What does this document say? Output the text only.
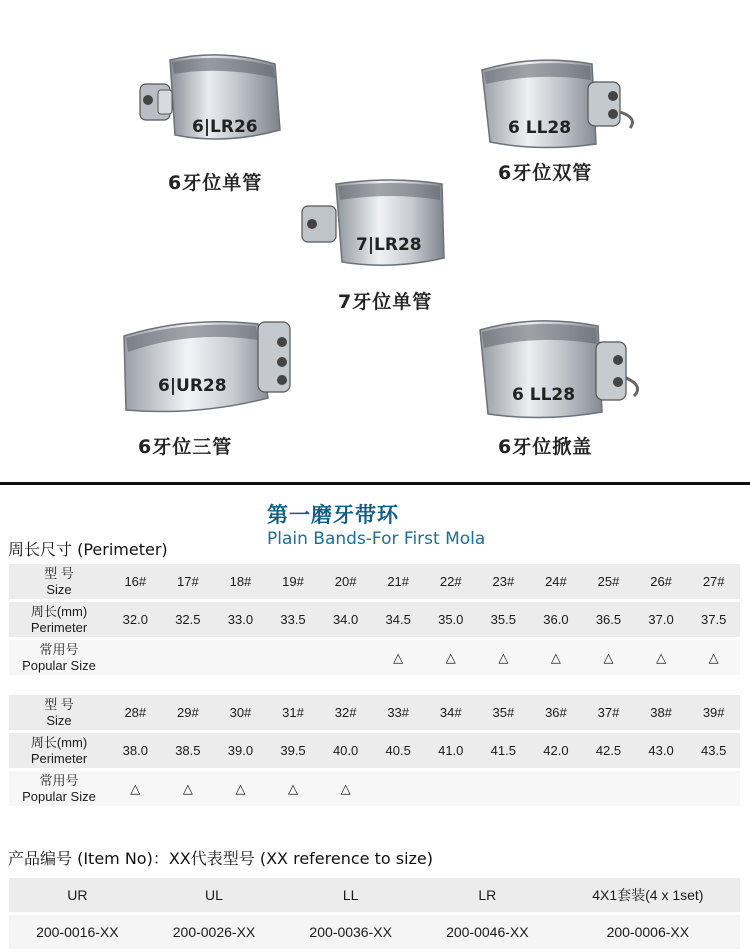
6|LR26
6牙位单管
6 LL28
6牙位双管
7|LR28
7牙位单管
6|UR28
6牙位三管
6 LL28
6牙位掀盖
第一磨牙带环
Plain Bands-For First Mola
周长尺寸 (Perimeter)
型 号
Size	16#	17#	18#	19#	20#	21#	22#	23#	24#	25#	26#	27#

周长(mm)
Perimeter	32.0	32.5	33.0	33.5	34.0	34.5	35.0	35.5	36.0	36.5	37.0	37.5

常用号
Popular Size						△	△	△	△	△	△	△
型 号
Size	28#	29#	30#	31#	32#	33#	34#	35#	36#	37#	38#	39#

周长(mm)
Perimeter	38.0	38.5	39.0	39.5	40.0	40.5	41.0	41.5	42.0	42.5	43.0	43.5

常用号
Popular Size	△	△	△	△	△							
产品编号 (Item No)：XX代表型号 (XX reference to size)
UR	UL	LL	LR	4X1套装(4 x 1set)
200-0016-XX	200-0026-XX	200-0036-XX	200-0046-XX	200-0006-XX
